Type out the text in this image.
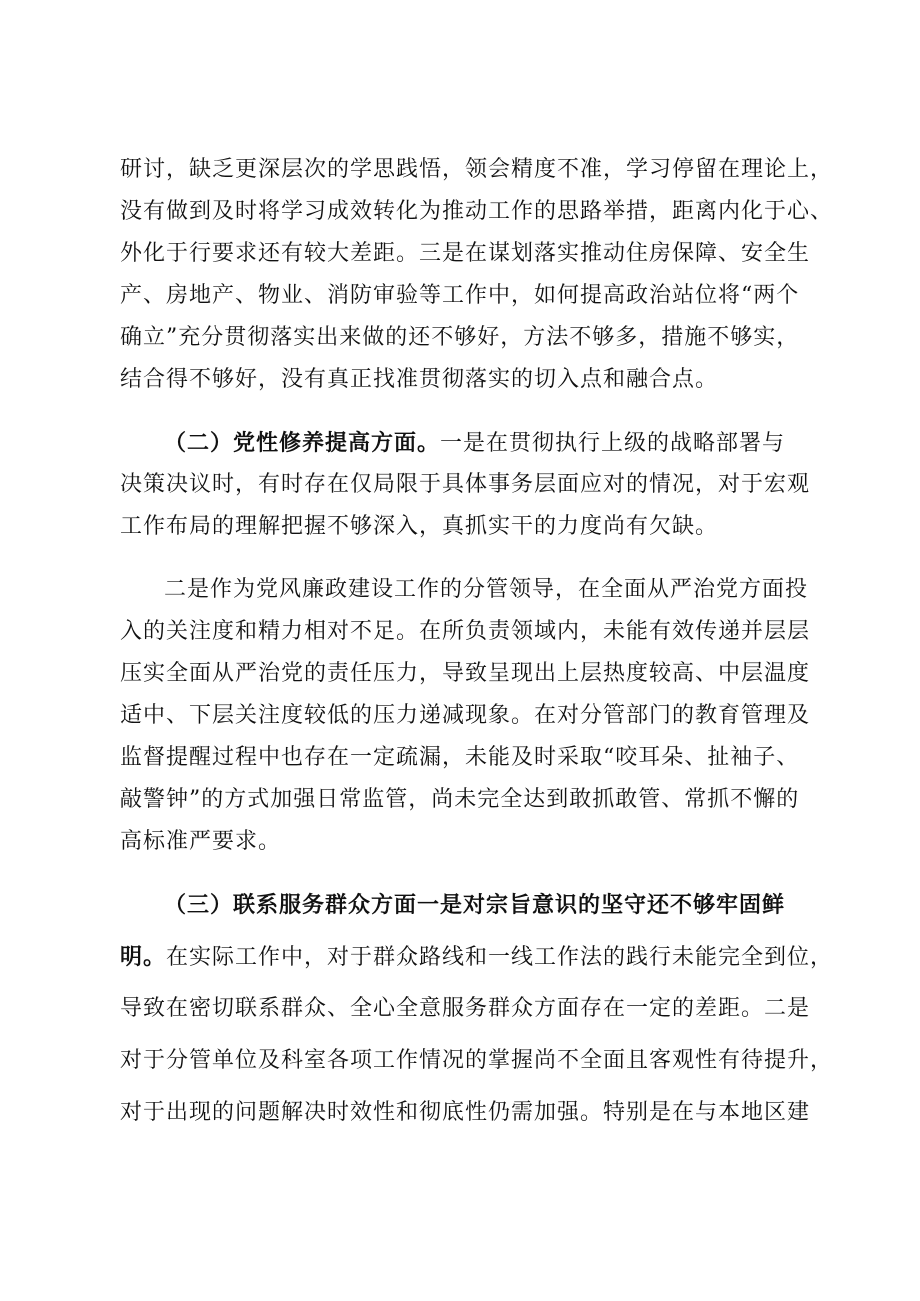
研讨，缺乏更深层次的学思践悟，领会精度不准，学习停留在理论上，
没有做到及时将学习成效转化为推动工作的思路举措，距离内化于心、
外化于行要求还有较大差距。三是在谋划落实推动住房保障、安全生
产、房地产、物业、消防审验等工作中，如何提高政治站位将“两个
确立”充分贯彻落实出来做的还不够好，方法不够多，措施不够实，
结合得不够好，没有真正找准贯彻落实的切入点和融合点。
（二）党性修养提高方面。一是在贯彻执行上级的战略部署与
决策决议时，有时存在仅局限于具体事务层面应对的情况，对于宏观
工作布局的理解把握不够深入，真抓实干的力度尚有欠缺。
二是作为党风廉政建设工作的分管领导，在全面从严治党方面投
入的关注度和精力相对不足。在所负责领域内，未能有效传递并层层
压实全面从严治党的责任压力，导致呈现出上层热度较高、中层温度
适中、下层关注度较低的压力递减现象。在对分管部门的教育管理及
监督提醒过程中也存在一定疏漏，未能及时采取“咬耳朵、扯袖子、
敲警钟”的方式加强日常监管，尚未完全达到敢抓敢管、常抓不懈的
高标准严要求。
（三）联系服务群众方面一是对宗旨意识的坚守还不够牢固鲜
明。在实际工作中，对于群众路线和一线工作法的践行未能完全到位，
导致在密切联系群众、全心全意服务群众方面存在一定的差距。二是
对于分管单位及科室各项工作情况的掌握尚不全面且客观性有待提升，
对于出现的问题解决时效性和彻底性仍需加强。特别是在与本地区建
